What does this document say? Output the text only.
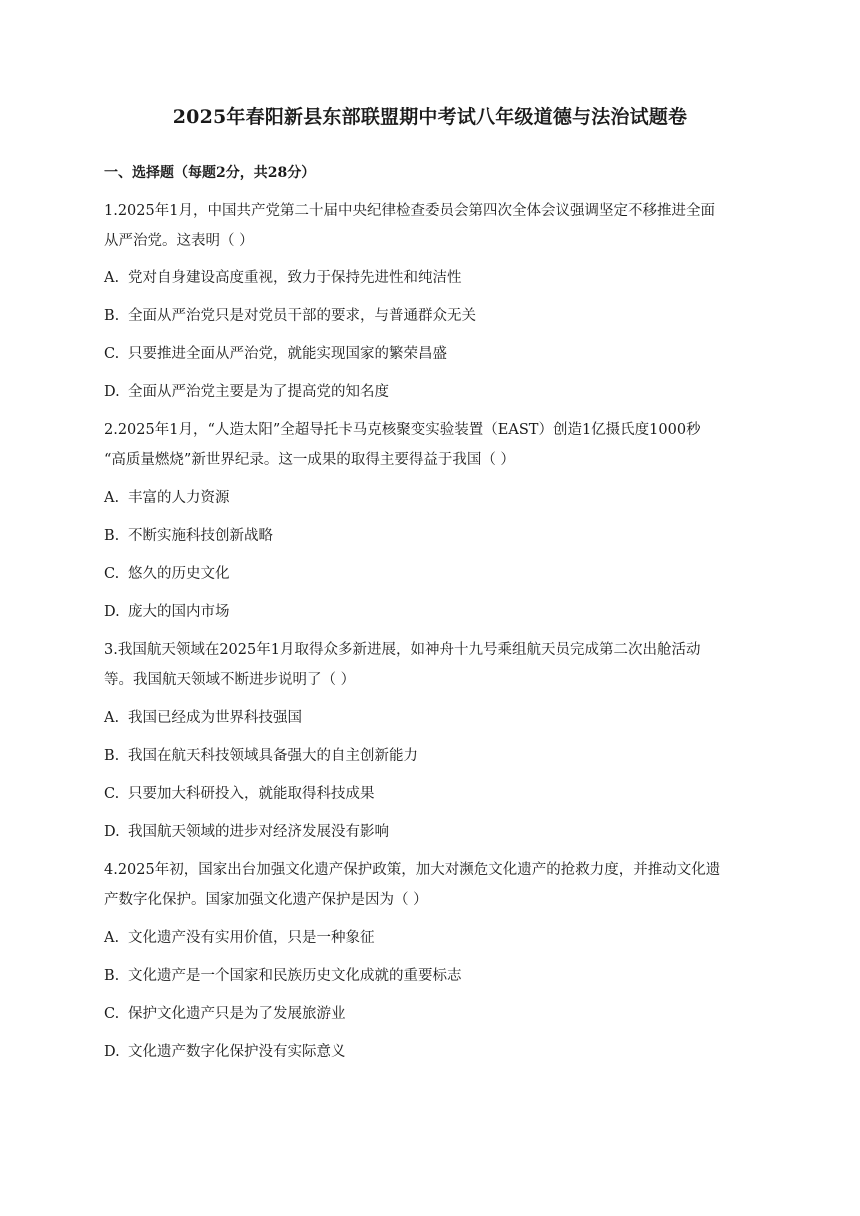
2025年春阳新县东部联盟期中考试八年级道德与法治试题卷
一、选择题（每题2分，共28分）
1.2025年1月，中国共产党第二十届中央纪律检查委员会第四次全体会议强调坚定不移推进全面
从严治党。这表明（ ）
A. 党对自身建设高度重视，致力于保持先进性和纯洁性
B. 全面从严治党只是对党员干部的要求，与普通群众无关
C. 只要推进全面从严治党，就能实现国家的繁荣昌盛
D. 全面从严治党主要是为了提高党的知名度
2.2025年1月，“人造太阳”全超导托卡马克核聚变实验装置（EAST）创造1亿摄氏度1000秒
“高质量燃烧”新世界纪录。这一成果的取得主要得益于我国（ ）
A. 丰富的人力资源
B. 不断实施科技创新战略
C. 悠久的历史文化
D. 庞大的国内市场
3.我国航天领域在2025年1月取得众多新进展，如神舟十九号乘组航天员完成第二次出舱活动
等。我国航天领域不断进步说明了（ ）
A. 我国已经成为世界科技强国
B. 我国在航天科技领域具备强大的自主创新能力
C. 只要加大科研投入，就能取得科技成果
D. 我国航天领域的进步对经济发展没有影响
4.2025年初，国家出台加强文化遗产保护政策，加大对濒危文化遗产的抢救力度，并推动文化遗
产数字化保护。国家加强文化遗产保护是因为（ ）
A. 文化遗产没有实用价值，只是一种象征
B. 文化遗产是一个国家和民族历史文化成就的重要标志
C. 保护文化遗产只是为了发展旅游业
D. 文化遗产数字化保护没有实际意义
